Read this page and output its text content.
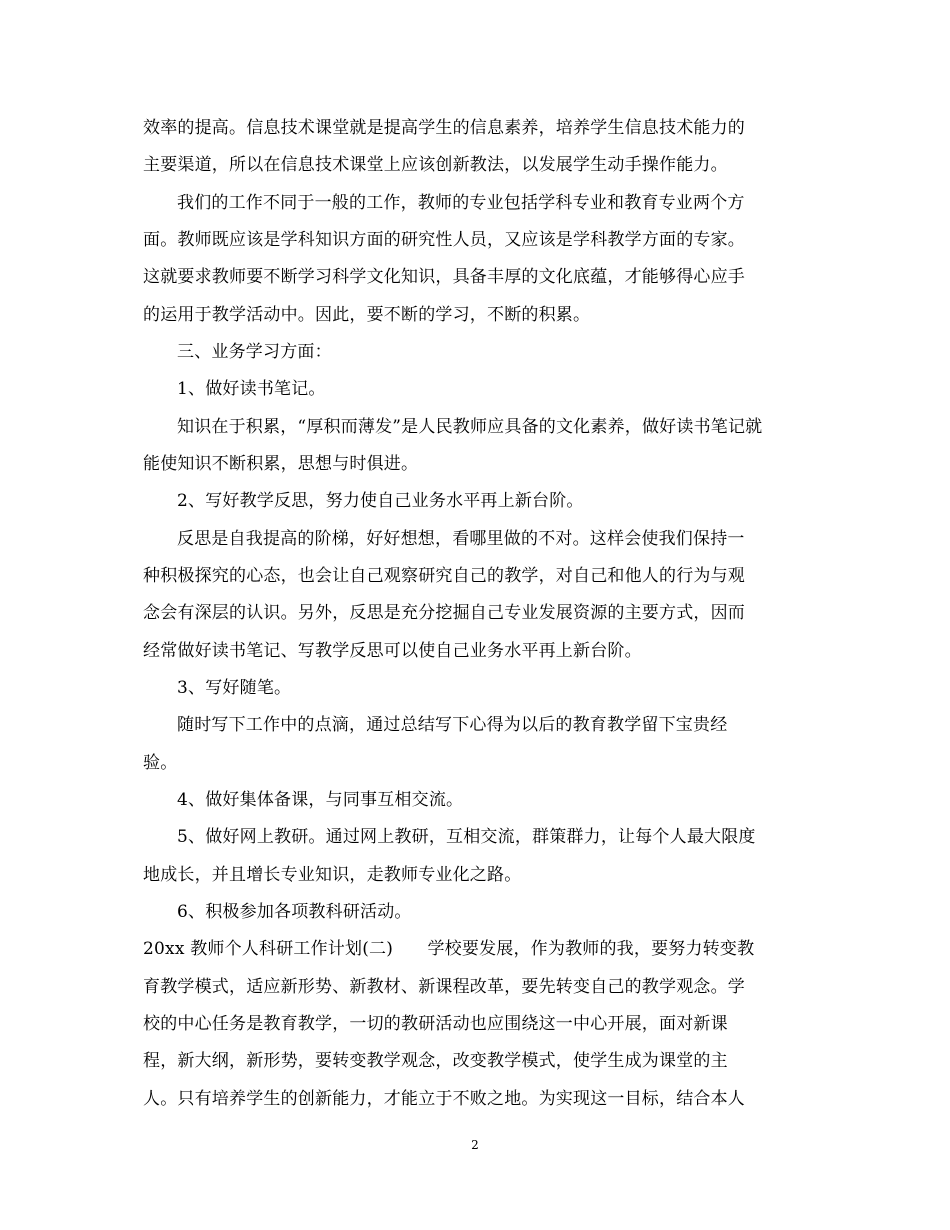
效率的提高。信息技术课堂就是提高学生的信息素养，培养学生信息技术能力的
主要渠道，所以在信息技术课堂上应该创新教法，以发展学生动手操作能力。
我们的工作不同于一般的工作，教师的专业包括学科专业和教育专业两个方
面。教师既应该是学科知识方面的研究性人员，又应该是学科教学方面的专家。
这就要求教师要不断学习科学文化知识，具备丰厚的文化底蕴，才能够得心应手
的运用于教学活动中。因此，要不断的学习，不断的积累。
三、业务学习方面：
1、做好读书笔记。
知识在于积累，“厚积而薄发”是人民教师应具备的文化素养，做好读书笔记就
能使知识不断积累，思想与时俱进。
2、写好教学反思，努力使自己业务水平再上新台阶。
反思是自我提高的阶梯，好好想想，看哪里做的不对。这样会使我们保持一
种积极探究的心态，也会让自己观察研究自己的教学，对自己和他人的行为与观
念会有深层的认识。另外，反思是充分挖掘自己专业发展资源的主要方式，因而
经常做好读书笔记、写教学反思可以使自己业务水平再上新台阶。
3、写好随笔。
随时写下工作中的点滴，通过总结写下心得为以后的教育教学留下宝贵经
验。
4、做好集体备课，与同事互相交流。
5、做好网上教研。通过网上教研，互相交流，群策群力，让每个人最大限度
地成长，并且增长专业知识，走教师专业化之路。
6、积极参加各项教科研活动。
20xx 教师个人科研工作计划(二)　　学校要发展，作为教师的我，要努力转变教
育教学模式，适应新形势、新教材、新课程改革，要先转变自己的教学观念。学
校的中心任务是教育教学，一切的教研活动也应围绕这一中心开展，面对新课
程，新大纲，新形势，要转变教学观念，改变教学模式，使学生成为课堂的主
人。只有培养学生的创新能力，才能立于不败之地。为实现这一目标，结合本人
2
